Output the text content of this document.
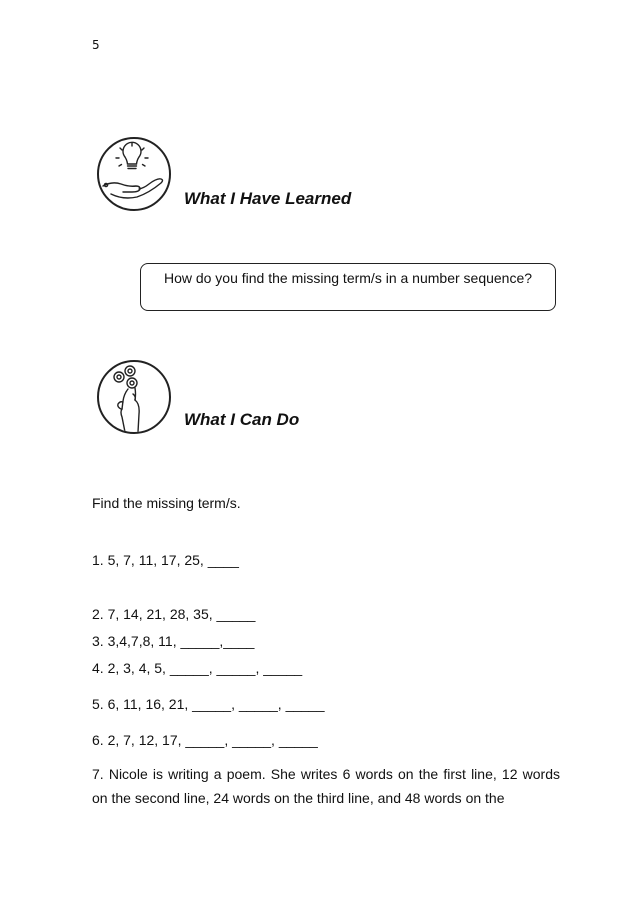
5
What I Have Learned
How do you find the missing term/s in a number sequence?
What I Can Do
Find the missing term/s.
1. 5, 7, 11, 17, 25, ____
2. 7, 14, 21, 28, 35, _____
3. 3,4,7,8, 11, _____,____
4. 2, 3, 4, 5, _____, _____, _____
5. 6, 11, 16, 21, _____, _____, _____
6. 2, 7, 12, 17, _____, _____, _____
7. Nicole is writing a poem. She writes 6 words on the first line, 12 words on the second line, 24 words on the third line, and 48 words on the
